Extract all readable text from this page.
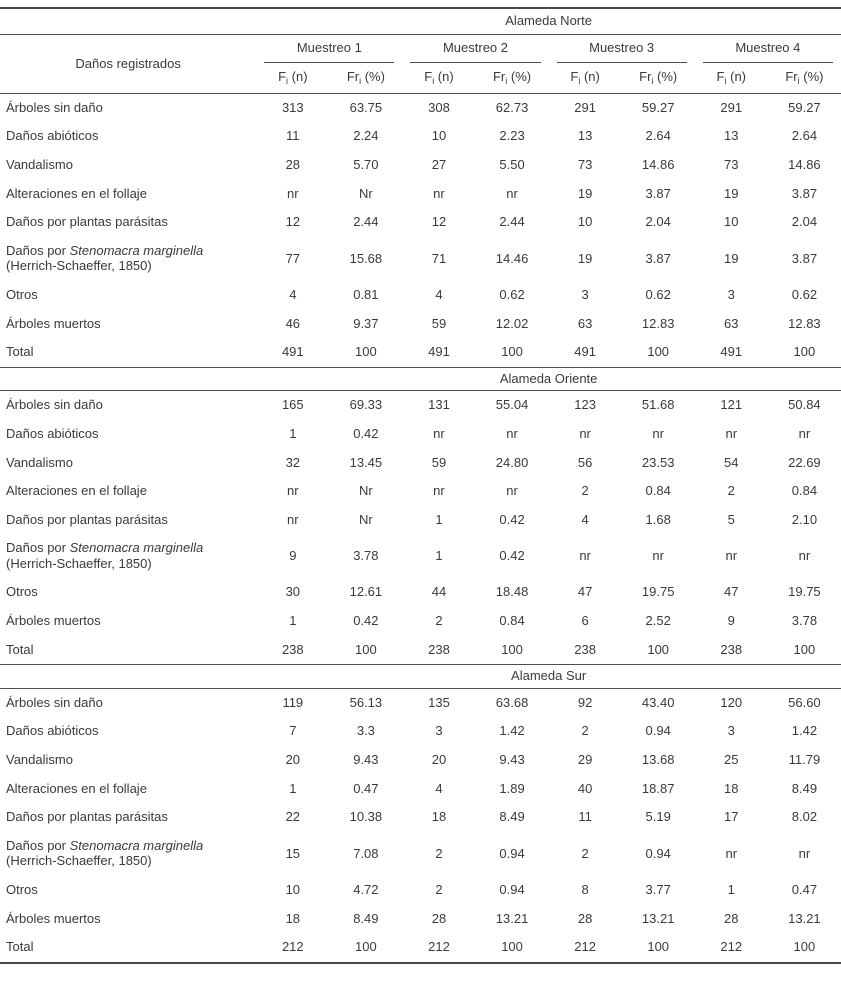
	Alameda Norte							
Daños registrados	Muestreo 1		Muestreo 2		Muestreo 3		Muestreo 4	
	$F_i$ (n)	$Fr_i$ (%)	$F_i$ (n)	$Fr_i$ (%)	$F_i$ (n)	$Fr_i$ (%)	$F_i$ (n)	$Fr_i$ (%)
Árboles sin daño	313	63.75	308	62.73	291	59.27	291	59.27
Daños abióticos	11	2.24	10	2.23	13	2.64	13	2.64
Vandalismo	28	5.70	27	5.50	73	14.86	73	14.86
Alteraciones en el follaje	nr	Nr	nr	nr	19	3.87	19	3.87
Daños por plantas parásitas	12	2.44	12	2.44	10	2.04	10	2.04
Daños por Stenomacra marginella (Herrich-Schaeffer, 1850)	77	15.68	71	14.46	19	3.87	19	3.87
Otros	4	0.81	4	0.62	3	0.62	3	0.62
Árboles muertos	46	9.37	59	12.02	63	12.83	63	12.83
Total	491	100	491	100	491	100	491	100
	Alameda Oriente							
Árboles sin daño	165	69.33	131	55.04	123	51.68	121	50.84
Daños abióticos	1	0.42	nr	nr	nr	nr	nr	nr
Vandalismo	32	13.45	59	24.80	56	23.53	54	22.69
Alteraciones en el follaje	nr	Nr	nr	nr	2	0.84	2	0.84
Daños por plantas parásitas	nr	Nr	1	0.42	4	1.68	5	2.10
Daños por Stenomacra marginella (Herrich-Schaeffer, 1850)	9	3.78	1	0.42	nr	nr	nr	nr
Otros	30	12.61	44	18.48	47	19.75	47	19.75
Árboles muertos	1	0.42	2	0.84	6	2.52	9	3.78
Total	238	100	238	100	238	100	238	100
	Alameda Sur							
Árboles sin daño	119	56.13	135	63.68	92	43.40	120	56.60
Daños abióticos	7	3.3	3	1.42	2	0.94	3	1.42
Vandalismo	20	9.43	20	9.43	29	13.68	25	11.79
Alteraciones en el follaje	1	0.47	4	1.89	40	18.87	18	8.49
Daños por plantas parásitas	22	10.38	18	8.49	11	5.19	17	8.02
Daños por Stenomacra marginella (Herrich-Schaeffer, 1850)	15	7.08	2	0.94	2	0.94	nr	nr
Otros	10	4.72	2	0.94	8	3.77	1	0.47
Árboles muertos	18	8.49	28	13.21	28	13.21	28	13.21
Total	212	100	212	100	212	100	212	100
